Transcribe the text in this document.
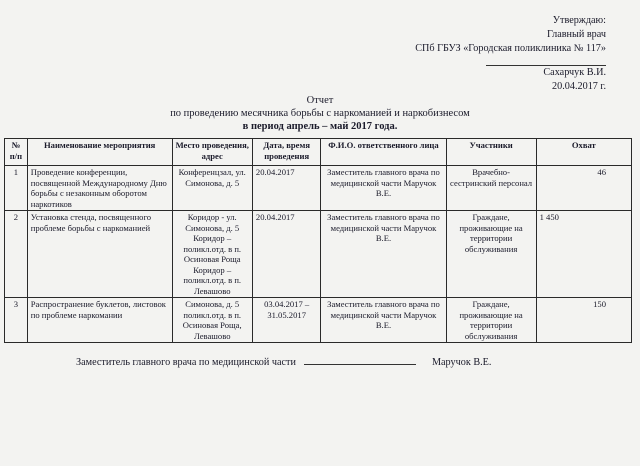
Утверждаю:
Главный врач
СПб ГБУЗ «Городская поликлиника № 117»
Сахарчук В.И.
20.04.2017 г.
Отчет
по проведению месячника борьбы с наркоманией и наркобизнесом
в период апрель – май 2017 года.
№ п/п	Наименование мероприятия	Место проведения, адрес	Дата, время проведения	Ф.И.О. ответственного лица	Участники	Охват
1	Проведение конференции, посвященной Международному Дню борьбы с незаконным оборотом наркотиков	Конференцзал, ул. Симонова, д. 5	20.04.2017	Заместитель главного врача по медицинской части Маручок В.Е.	Врачебно-сестринский персонал	46

2	Установка стенда, посвященного проблеме борьбы с наркоманией	Коридор - ул. Симонова, д. 5 Коридор – поликл.отд. в п. Осиновая Роща Коридор – поликл.отд. в п. Левашово	20.04.2017	Заместитель главного врача по медицинской части Маручок В.Е.	Граждане, проживающие на территории обслуживания	1 450
3	Распространение буклетов, листовок по проблеме наркомании	Симонова, д. 5 поликл.отд. в п. Осиновая Роща, Левашово	03.04.2017 – 31.05.2017	Заместитель главного врача по медицинской части Маручок В.Е.	Граждане, проживающие на территории обслуживания	150
Заместитель главного врача по медицинской части	Маручок В.Е.
